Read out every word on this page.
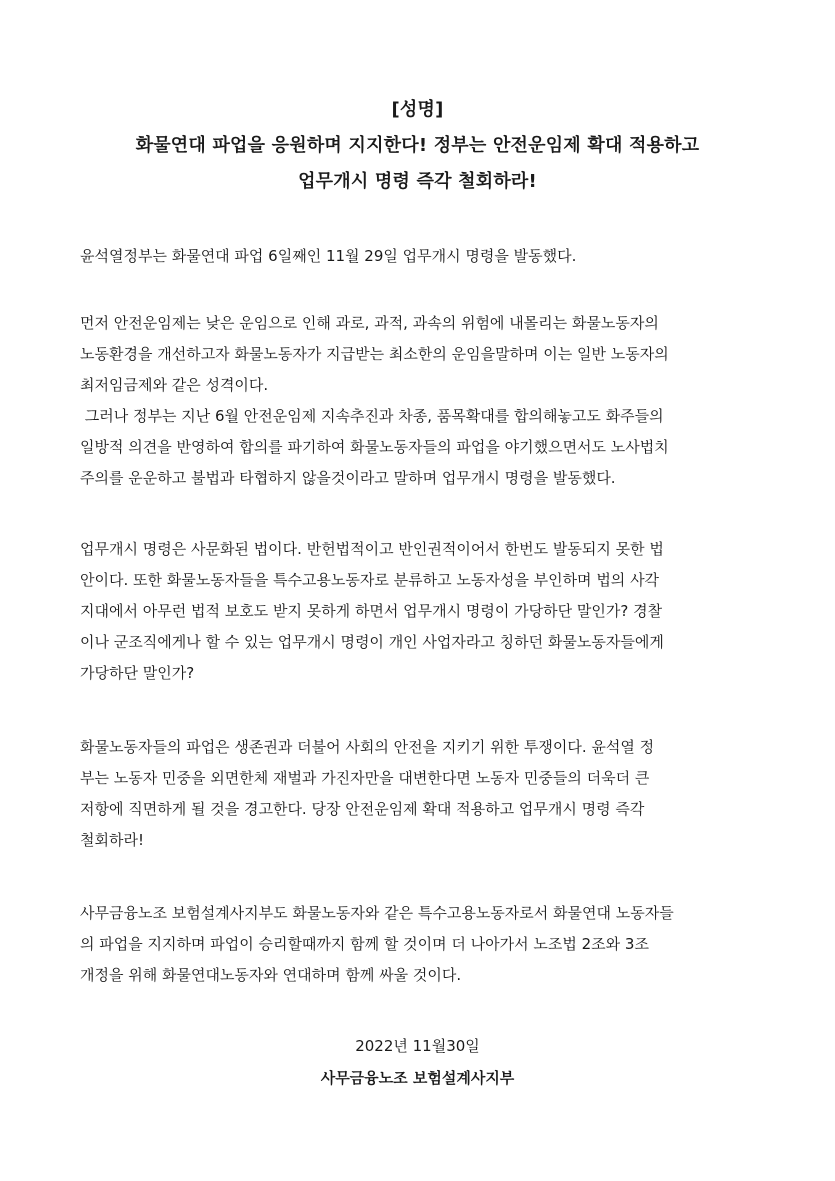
[성명]
화물연대 파업을 응원하며 지지한다! 정부는 안전운임제 확대 적용하고
업무개시 명령 즉각 철회하라!
윤석열정부는 화물연대 파업 6일째인 11월 29일 업무개시 명령을 발동했다.
먼저 안전운임제는 낮은 운임으로 인해 과로, 과적, 과속의 위험에 내몰리는 화물노동자의
노동환경을 개선하고자 화물노동자가 지급받는 최소한의 운임을말하며 이는 일반 노동자의
최저임금제와 같은 성격이다.
그러나 정부는 지난 6월 안전운임제 지속추진과 차종, 품목확대를 합의해놓고도 화주들의
일방적 의견을 반영하여 합의를 파기하여 화물노동자들의 파업을 야기했으면서도 노사법치
주의를 운운하고 불법과 타협하지 않을것이라고 말하며 업무개시 명령을 발동했다.
업무개시 명령은 사문화된 법이다. 반헌법적이고 반인권적이어서 한번도 발동되지 못한 법
안이다. 또한 화물노동자들을 특수고용노동자로 분류하고 노동자성을 부인하며 법의 사각
지대에서 아무런 법적 보호도 받지 못하게 하면서 업무개시 명령이 가당하단 말인가? 경찰
이나 군조직에게나 할 수 있는 업무개시 명령이 개인 사업자라고 칭하던 화물노동자들에게
가당하단 말인가?
화물노동자들의 파업은 생존권과 더불어 사회의 안전을 지키기 위한 투쟁이다. 윤석열 정
부는 노동자 민중을 외면한체 재벌과 가진자만을 대변한다면 노동자 민중들의 더욱더 큰
저항에 직면하게 될 것을 경고한다. 당장 안전운임제 확대 적용하고 업무개시 명령 즉각
철회하라!
사무금융노조 보험설계사지부도 화물노동자와 같은 특수고용노동자로서 화물연대 노동자들
의 파업을 지지하며 파업이 승리할때까지 함께 할 것이며 더 나아가서 노조법 2조와 3조
개정을 위해 화물연대노동자와 연대하며 함께 싸울 것이다.
2022년 11월30일
사무금융노조 보험설계사지부
